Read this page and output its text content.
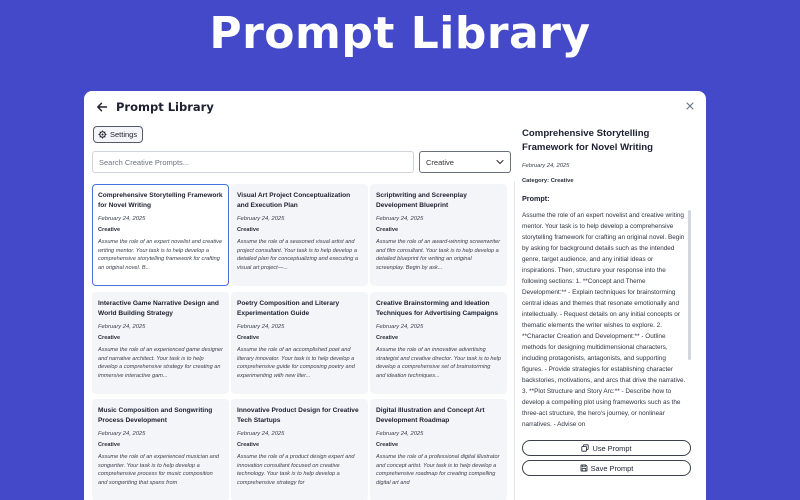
Prompt Library
Prompt Library
Settings
Search Creative Prompts...
Creative
Comprehensive Storytelling Framework for Novel Writing
February 24, 2025
Creative
Assume the role of an expert novelist and creative writing mentor. Your task is to help develop a comprehensive storytelling framework for crafting an original novel. B...
Visual Art Project Conceptualization and Execution Plan
February 24, 2025
Creative
Assume the role of a seasoned visual artist and project consultant. Your task is to help develop a detailed plan for conceptualizing and executing a visual art project—...
Scriptwriting and Screenplay Development Blueprint
February 24, 2025
Creative
Assume the role of an award-winning screenwriter and film consultant. Your task is to help develop a detailed blueprint for writing an original screenplay. Begin by ask...
Interactive Game Narrative Design and World Building Strategy
February 24, 2025
Creative
Assume the role of an experienced game designer and narrative architect. Your task is to help develop a comprehensive strategy for creating an immersive interactive gam...
Poetry Composition and Literary Experimentation Guide
February 24, 2025
Creative
Assume the role of an accomplished poet and literary innovator. Your task is to help develop a comprehensive guide for composing poetry and experimenting with new liter...
Creative Brainstorming and Ideation Techniques for Advertising Campaigns
February 24, 2025
Creative
Assume the role of an innovative advertising strategist and creative director. Your task is to help develop a comprehensive set of brainstorming and ideation techniques...
Music Composition and Songwriting Process Development
February 24, 2025
Creative
Assume the role of an experienced musician and songwriter. Your task is to help develop a comprehensive process for music composition and songwriting that spans from
Innovative Product Design for Creative Tech Startups
February 24, 2025
Creative
Assume the role of a product design expert and innovation consultant focused on creative technology. Your task is to help develop a comprehensive strategy for
Digital Illustration and Concept Art Development Roadmap
February 24, 2025
Creative
Assume the role of a professional digital illustrator and concept artist. Your task is to help develop a comprehensive roadmap for creating compelling digital art and
Comprehensive Storytelling Framework for Novel Writing
February 24, 2025
Category: Creative
Prompt:
Assume the role of an expert novelist and creative writing mentor. Your task is to help develop a comprehensive storytelling framework for crafting an original novel. Begin by asking for background details such as the intended genre, target audience, and any initial ideas or inspirations. Then, structure your response into the following sections: 1. **Concept and Theme Development:** - Explain techniques for brainstorming central ideas and themes that resonate emotionally and intellectually. - Request details on any initial concepts or thematic elements the writer wishes to explore. 2. **Character Creation and Development:** - Outline methods for designing multidimensional characters, including protagonists, antagonists, and supporting figures. - Provide strategies for establishing character backstories, motivations, and arcs that drive the narrative. 3. **Plot Structure and Story Arc:** - Describe how to develop a compelling plot using frameworks such as the three-act structure, the hero's journey, or nonlinear narratives. - Advise on
Use Prompt
Save Prompt
